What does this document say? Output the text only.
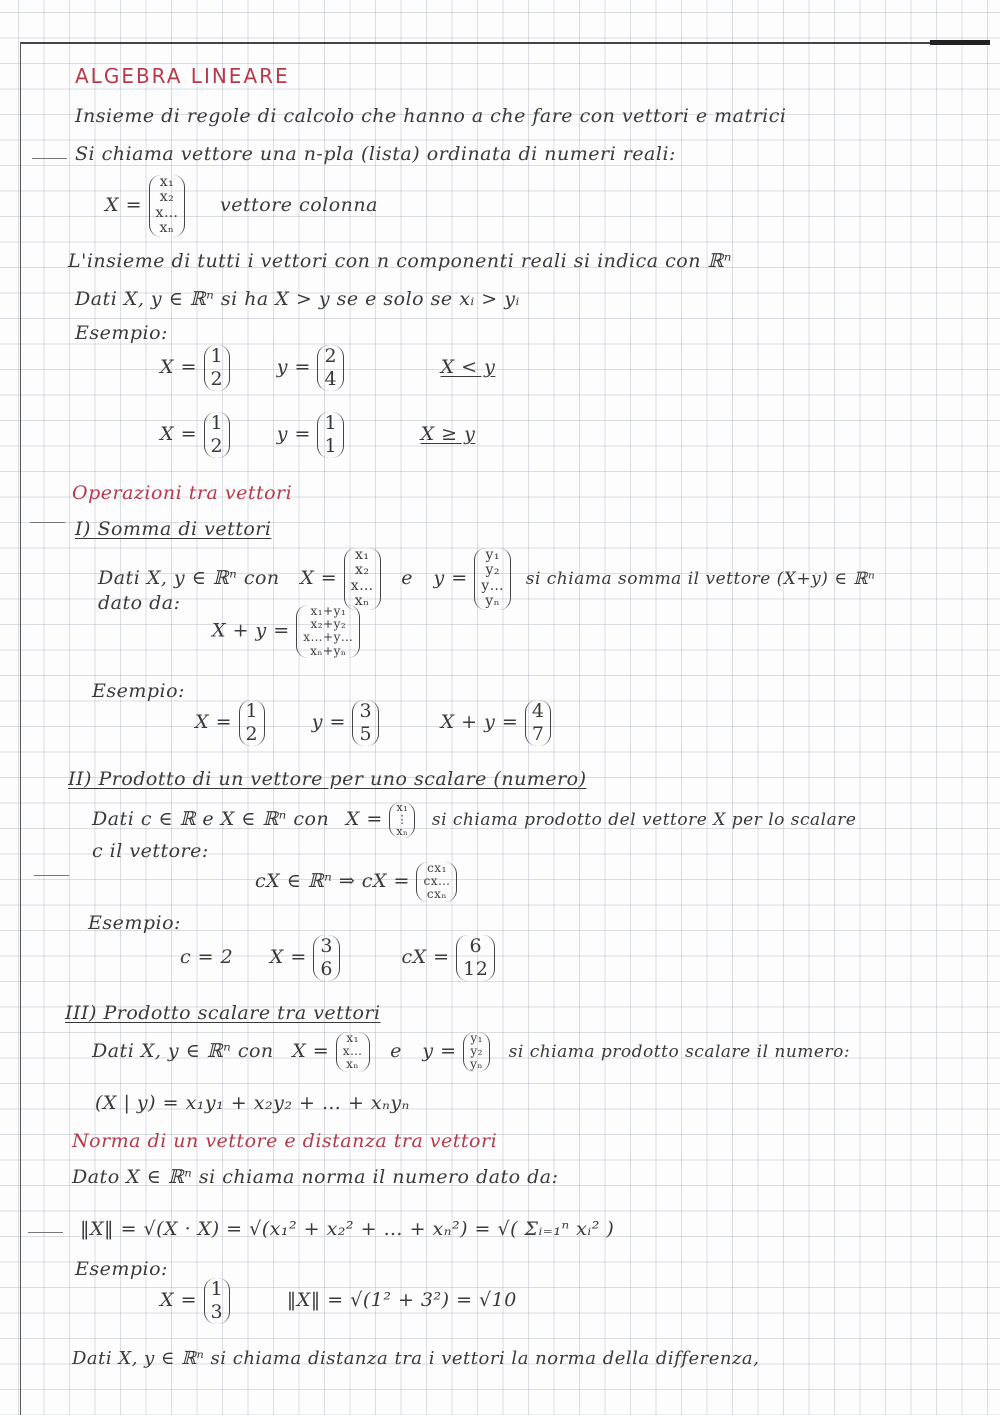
ALGEBRA LINEARE
Insieme di regole di calcolo che hanno a che fare con vettori e matrici
Si chiama vettore una n-pla (lista) ordinata di numeri reali:
X =
x₁
x₂
x…
xₙ
vettore colonna
L'insieme di tutti i vettori con n componenti reali si indica con ℝⁿ
Dati X, y ∈ ℝⁿ si ha X > y se e solo se xᵢ > yᵢ
Esempio:
X = 1
2
y = 2
4
X < y
X = 1
2
y = 1
1
X ≥ y
Operazioni tra vettori
I) Somma di vettori
Dati X, y ∈ ℝⁿ con X =
x₁
x₂
x…
xₙ
e y =
y₁
y₂
y…
yₙ
si chiama somma il vettore (X+y) ∈ ℝⁿ
dato da:
X + y =
x₁+y₁
x₂+y₂
x…+y…
xₙ+yₙ
Esempio:
X = 1
2
y = 3
5
X + y = 4
7
II) Prodotto di un vettore per uno scalare (numero)
Dati c ∈ ℝ e X ∈ ℝⁿ con X =
x₁
⋮
xₙ
si chiama prodotto del vettore X per lo scalare
c il vettore:
cX ∈ ℝⁿ ⇒ cX =
cx₁
cx…
cxₙ
Esempio:
c = 2 X = 3
6
cX =	6
12
III) Prodotto scalare tra vettori
Dati X, y ∈ ℝⁿ con X =
x₁
x…
xₙ
e y =
y₁
y₂
yₙ
si chiama prodotto scalare il numero:
(X | y) = x₁y₁ + x₂y₂ + … + xₙyₙ
Norma di un vettore e distanza tra vettori
Dato X ∈ ℝⁿ si chiama norma il numero dato da:
‖X‖ = √(X · X) = √(x₁² + x₂² + … + xₙ²) = √( Σᵢ₌₁ⁿ xᵢ² )
Esempio:
X = 1
3
‖X‖ = √(1² + 3²) = √10
Dati X, y ∈ ℝⁿ si chiama distanza tra i vettori la norma della differenza,
